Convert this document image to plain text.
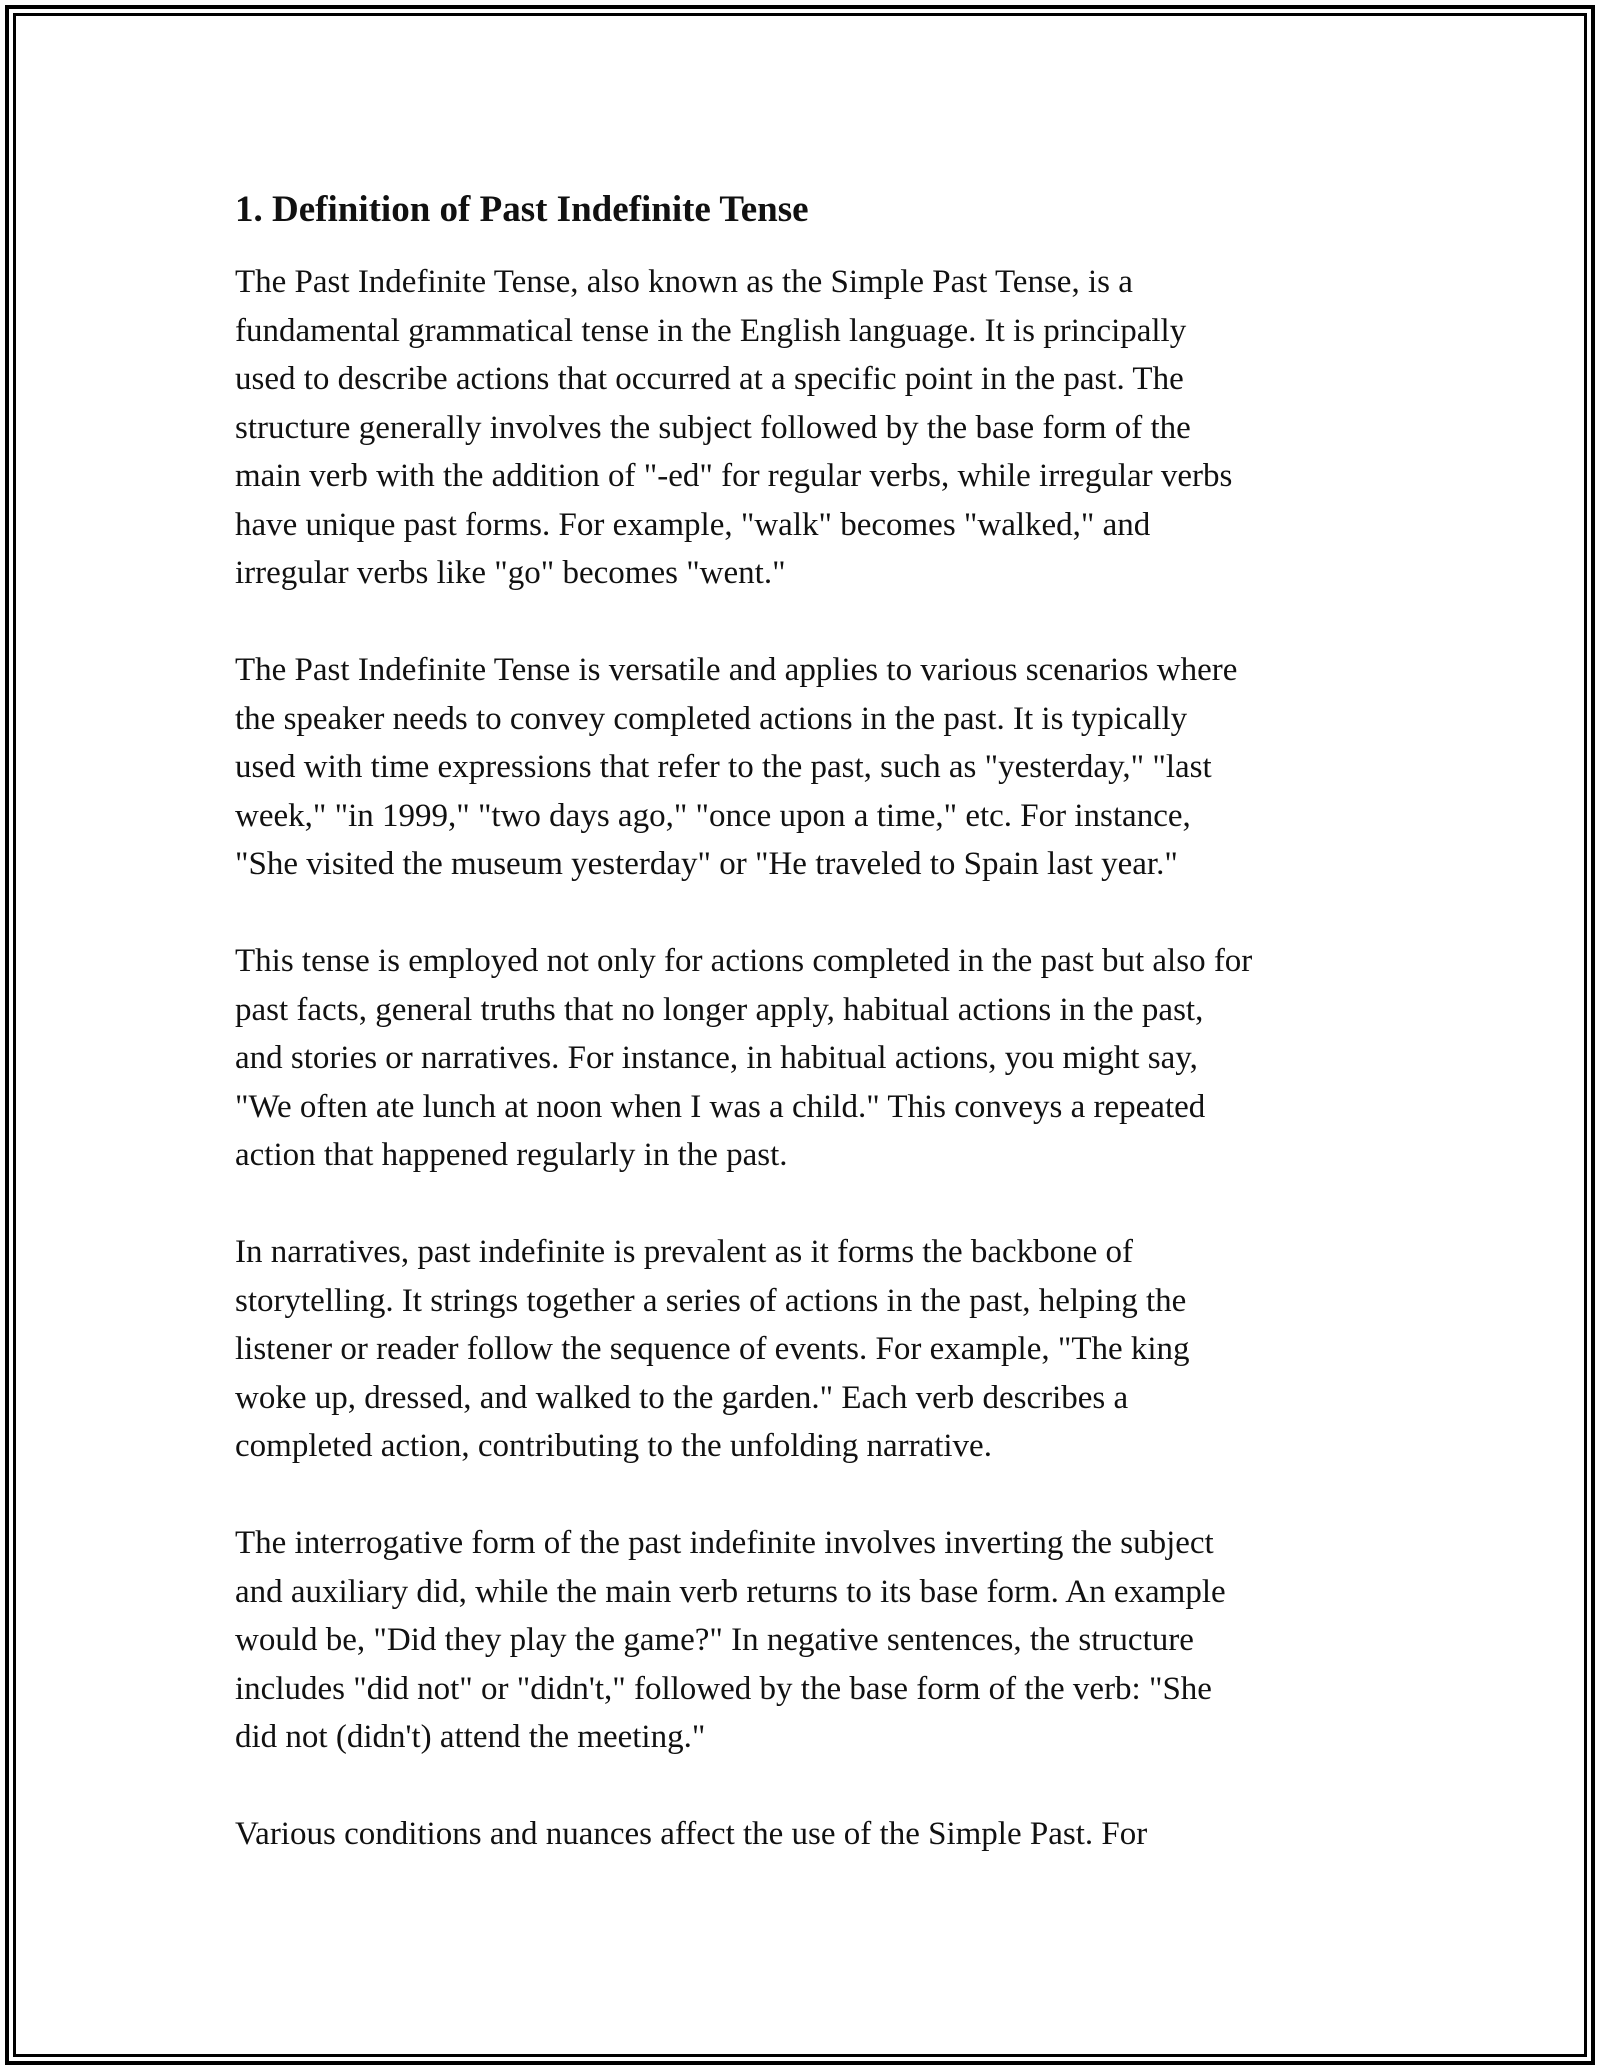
1. Definition of Past Indefinite Tense
The Past Indefinite Tense, also known as the Simple Past Tense, is a
fundamental grammatical tense in the English language. It is principally
used to describe actions that occurred at a specific point in the past. The
structure generally involves the subject followed by the base form of the
main verb with the addition of "-ed" for regular verbs, while irregular verbs
have unique past forms. For example, "walk" becomes "walked," and
irregular verbs like "go" becomes "went."
The Past Indefinite Tense is versatile and applies to various scenarios where
the speaker needs to convey completed actions in the past. It is typically
used with time expressions that refer to the past, such as "yesterday," "last
week," "in 1999," "two days ago," "once upon a time," etc. For instance,
"She visited the museum yesterday" or "He traveled to Spain last year."
This tense is employed not only for actions completed in the past but also for
past facts, general truths that no longer apply, habitual actions in the past,
and stories or narratives. For instance, in habitual actions, you might say,
"We often ate lunch at noon when I was a child." This conveys a repeated
action that happened regularly in the past.
In narratives, past indefinite is prevalent as it forms the backbone of
storytelling. It strings together a series of actions in the past, helping the
listener or reader follow the sequence of events. For example, "The king
woke up, dressed, and walked to the garden." Each verb describes a
completed action, contributing to the unfolding narrative.
The interrogative form of the past indefinite involves inverting the subject
and auxiliary did, while the main verb returns to its base form. An example
would be, "Did they play the game?" In negative sentences, the structure
includes "did not" or "didn't," followed by the base form of the verb: "She
did not (didn't) attend the meeting."
Various conditions and nuances affect the use of the Simple Past. For
